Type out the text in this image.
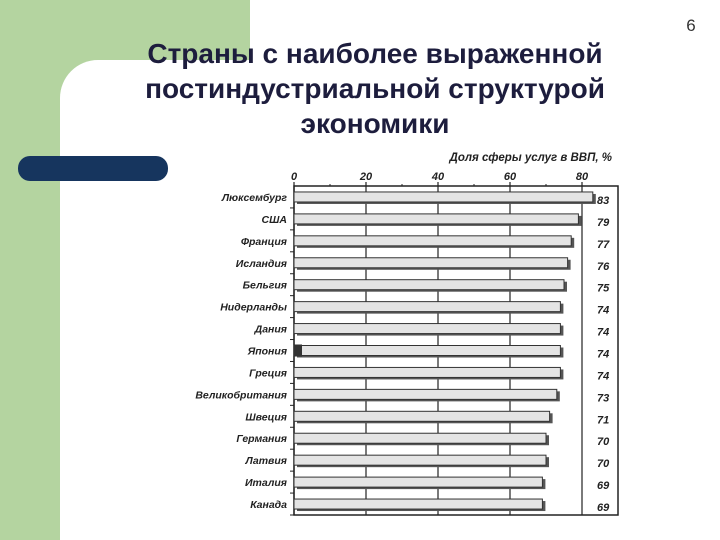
6
Страны с наиболее выраженной
постиндустриальной структурой
экономики
Доля сферы услуг в ВВП, %
0	20	40	60	80
Люксембург	83
США	79
Франция	77
Исландия	76
Бельгия	75
Нидерланды	74
Дания	74
Япония	74
Греция	74
Великобритания	73
Швеция	71
Германия	70
Латвия	70
Италия	69
Канада	69
